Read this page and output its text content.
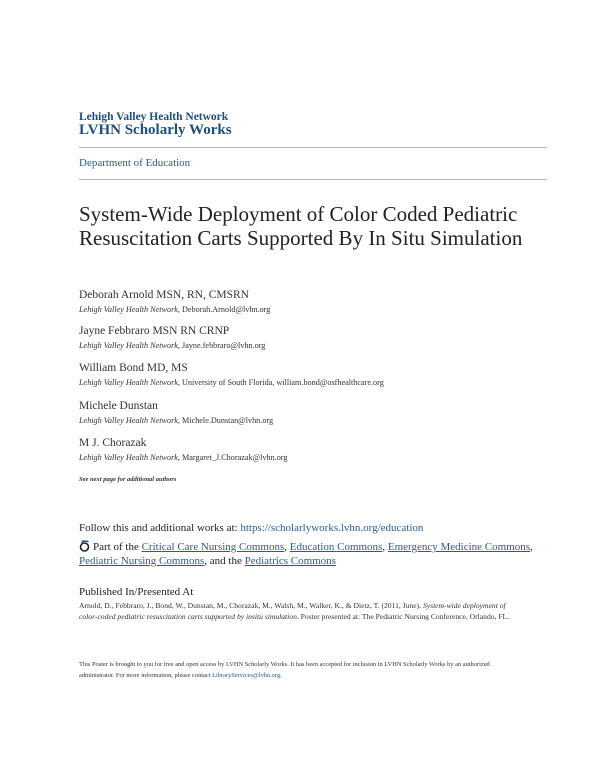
Lehigh Valley Health Network
LVHN Scholarly Works
Department of Education
System-Wide Deployment of Color Coded Pediatric Resuscitation Carts Supported By In Situ Simulation
Deborah Arnold MSN, RN, CMSRN
Lehigh Valley Health Network, Deborah.Arnold@lvhn.org
Jayne Febbraro MSN RN CRNP
Lehigh Valley Health Network, Jayne.febbraro@lvhn.org
William Bond MD, MS
Lehigh Valley Health Network, University of South Florida, william.bond@osfhealthcare.org
Michele Dunstan
Lehigh Valley Health Network, Michele.Dunstan@lvhn.org
M J. Chorazak
Lehigh Valley Health Network, Margaret_J.Chorazak@lvhn.org
See next page for additional authors
Follow this and additional works at: https://scholarlyworks.lvhn.org/education
Part of the Critical Care Nursing Commons, Education Commons, Emergency Medicine Commons, Pediatric Nursing Commons, and the Pediatrics Commons
Published In/Presented At
Arnold, D., Febbraro, J., Bond, W., Dunstan, M., Chorazak, M., Walsh, M., Walker, K., & Dietz, T. (2011, June). System-wide deployment of color-coded pediatric resuscitation carts supported by insitu simulation. Poster presented at: The Pediatric Nursing Conference, Orlando, FL.
This Poster is brought to you for free and open access by LVHN Scholarly Works. It has been accepted for inclusion in LVHN Scholarly Works by an authorized administrator. For more information, please contact LibraryServices@lvhn.org.
